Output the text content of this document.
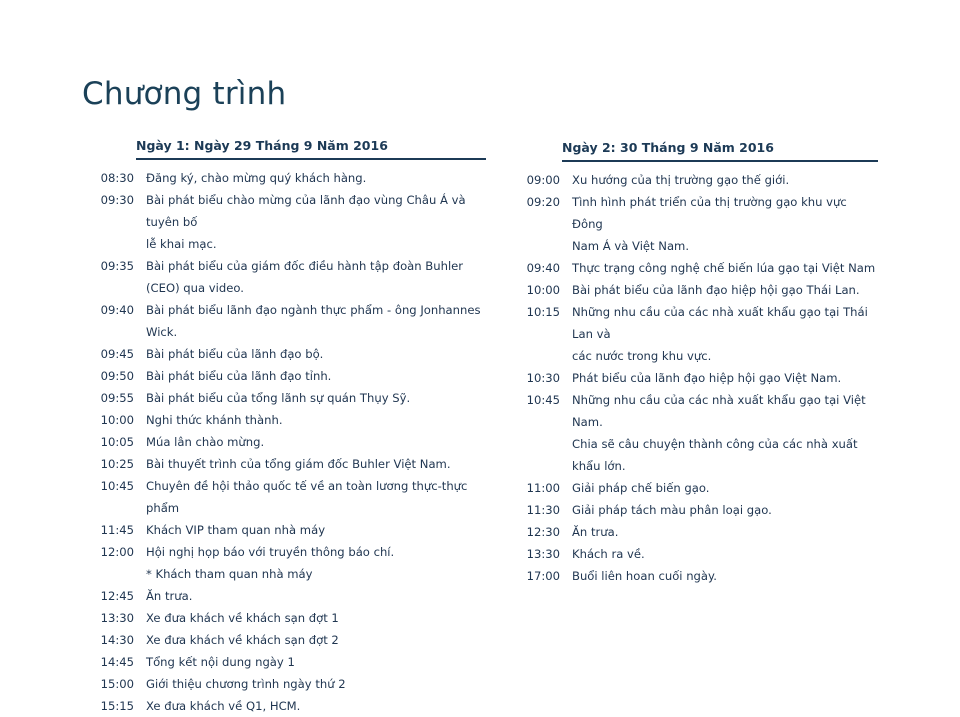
Chương trình
Ngày 1: Ngày 29 Tháng 9 Năm 2016
08:30 Đăng ký, chào mừng quý khách hàng.
09:30 Bài phát biểu chào mừng của lãnh đạo vùng Châu Á và tuyên bố
lễ khai mạc.
09:35 Bài phát biểu của giám đốc điều hành tập đoàn Buhler
(CEO) qua video.
09:40 Bài phát biểu lãnh đạo ngành thực phẩm - ông Jonhannes Wick.
09:45 Bài phát biểu của lãnh đạo bộ.
09:50 Bài phát biểu của lãnh đạo tỉnh.
09:55 Bài phát biểu của tổng lãnh sự quán Thụy Sỹ.
10:00 Nghi thức khánh thành.
10:05 Múa lân chào mừng.
10:25 Bài thuyết trình của tổng giám đốc Buhler Việt Nam.
10:45 Chuyên đề hội thảo quốc tế về an toàn lương thực-thực phẩm
11:45 Khách VIP tham quan nhà máy
12:00 Hội nghị họp báo với truyền thông báo chí.
* Khách tham quan nhà máy
12:45 Ăn trưa.
13:30 Xe đưa khách về khách sạn đợt 1
14:30 Xe đưa khách về khách sạn đợt 2
14:45 Tổng kết nội dung ngày 1
15:00 Giới thiệu chương trình ngày thứ 2
15:15 Xe đưa khách về Q1, HCM.
Ngày 2: 30 Tháng 9 Năm 2016
09:00 Xu hướng của thị trường gạo thế giới.
09:20 Tình hình phát triển của thị trường gạo khu vực Đông
Nam Á và Việt Nam.
09:40 Thực trạng công nghệ chế biến lúa gạo tại Việt Nam
10:00 Bài phát biểu của lãnh đạo hiệp hội gạo Thái Lan.
10:15 Những nhu cầu của các nhà xuất khẩu gạo tại Thái Lan và
các nước trong khu vực.
10:30 Phát biểu của lãnh đạo hiệp hội gạo Việt Nam.
10:45 Những nhu cầu của các nhà xuất khẩu gạo tại Việt Nam.
Chia sẽ câu chuyện thành công của các nhà xuất khẩu lớn.
11:00 Giải pháp chế biến gạo.
11:30 Giải pháp tách màu phân loại gạo.
12:30 Ăn trưa.
13:30 Khách ra về.
17:00 Buổi liên hoan cuối ngày.
